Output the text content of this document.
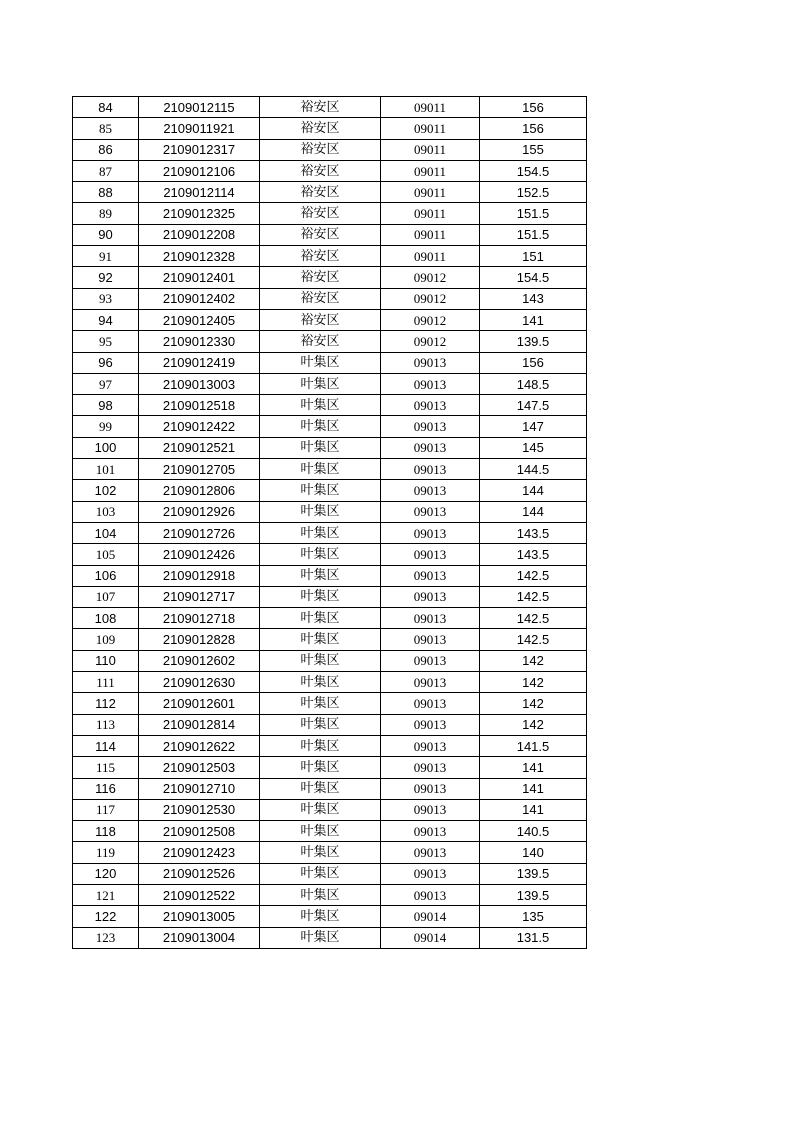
84	2109012115	裕安区	09011	156
85	2109011921	裕安区	09011	156
86	2109012317	裕安区	09011	155
87	2109012106	裕安区	09011	154.5
88	2109012114	裕安区	09011	152.5
89	2109012325	裕安区	09011	151.5
90	2109012208	裕安区	09011	151.5
91	2109012328	裕安区	09011	151
92	2109012401	裕安区	09012	154.5
93	2109012402	裕安区	09012	143
94	2109012405	裕安区	09012	141
95	2109012330	裕安区	09012	139.5
96	2109012419	叶集区	09013	156
97	2109013003	叶集区	09013	148.5
98	2109012518	叶集区	09013	147.5
99	2109012422	叶集区	09013	147
100	2109012521	叶集区	09013	145
101	2109012705	叶集区	09013	144.5
102	2109012806	叶集区	09013	144
103	2109012926	叶集区	09013	144
104	2109012726	叶集区	09013	143.5
105	2109012426	叶集区	09013	143.5
106	2109012918	叶集区	09013	142.5
107	2109012717	叶集区	09013	142.5
108	2109012718	叶集区	09013	142.5
109	2109012828	叶集区	09013	142.5
110	2109012602	叶集区	09013	142
111	2109012630	叶集区	09013	142
112	2109012601	叶集区	09013	142
113	2109012814	叶集区	09013	142
114	2109012622	叶集区	09013	141.5
115	2109012503	叶集区	09013	141
116	2109012710	叶集区	09013	141
117	2109012530	叶集区	09013	141
118	2109012508	叶集区	09013	140.5
119	2109012423	叶集区	09013	140
120	2109012526	叶集区	09013	139.5
121	2109012522	叶集区	09013	139.5
122	2109013005	叶集区	09014	135
123	2109013004	叶集区	09014	131.5
